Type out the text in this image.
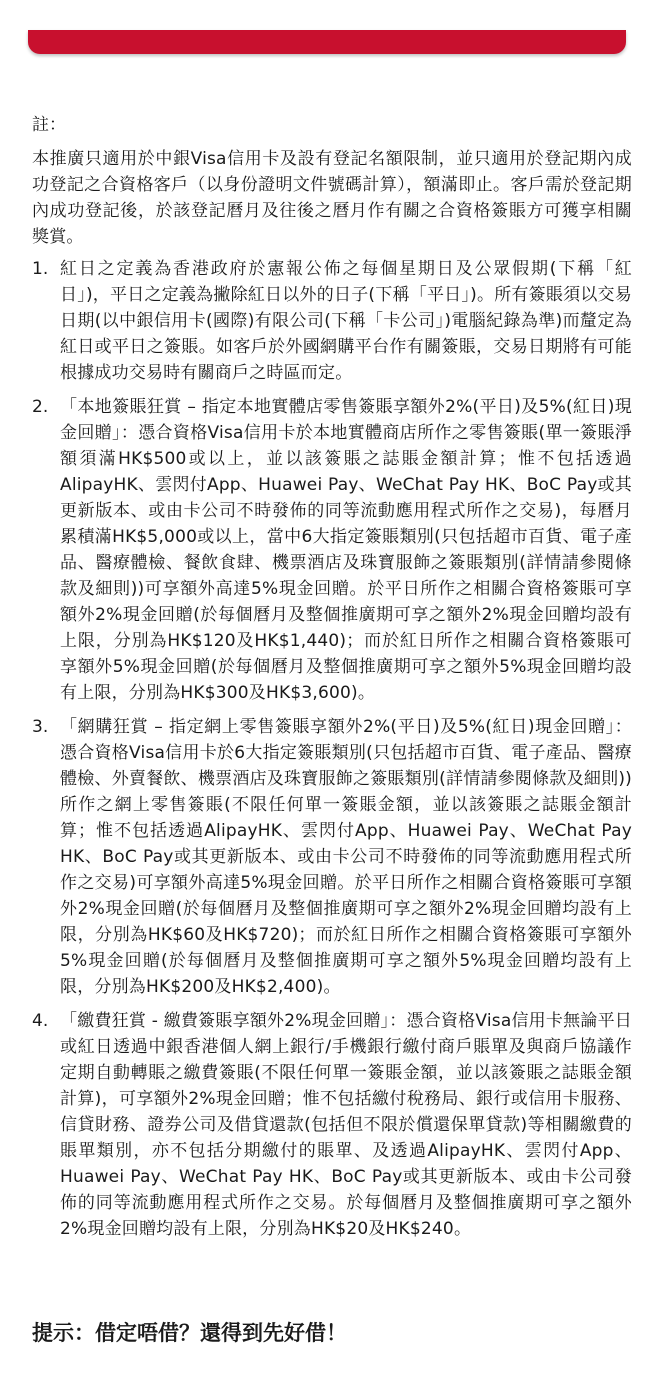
註：
本推廣只適用於中銀Visa信用卡及設有登記名額限制，並只適用於登記期內成功登記之合資格客戶（以身份證明文件號碼計算），額滿即止。客戶需於登記期內成功登記後，於該登記曆月及往後之曆月作有關之合資格簽賬方可獲享相關獎賞。
1. 紅日之定義為香港政府於憲報公佈之每個星期日及公眾假期(下稱「紅日」)，平日之定義為撇除紅日以外的日子(下稱「平日」)。所有簽賬須以交易日期(以中銀信用卡(國際)有限公司(下稱「卡公司」)電腦紀錄為準)而釐定為紅日或平日之簽賬。如客戶於外國網購平台作有關簽賬，交易日期將有可能根據成功交易時有關商戶之時區而定。
2. 「本地簽賬狂賞 – 指定本地實體店零售簽賬享額外2%(平日)及5%(紅日)現金回贈」：憑合資格Visa信用卡於本地實體商店所作之零售簽賬(單一簽賬淨額須滿HK$500或以上，並以該簽賬之誌賬金額計算；惟不包括透過AlipayHK、雲閃付App、Huawei Pay、WeChat Pay HK、BoC Pay或其更新版本、或由卡公司不時發佈的同等流動應用程式所作之交易)，每曆月累積滿HK$5,000或以上，當中6大指定簽賬類別(只包括超市百貨、電子產品、醫療體檢、餐飲食肆、機票酒店及珠寶服飾之簽賬類別(詳情請參閱條款及細則))可享額外高達5%現金回贈。於平日所作之相關合資格簽賬可享額外2%現金回贈(於每個曆月及整個推廣期可享之額外2%現金回贈均設有上限，分別為HK$120及HK$1,440)；而於紅日所作之相關合資格簽賬可享額外5%現金回贈(於每個曆月及整個推廣期可享之額外5%現金回贈均設有上限，分別為HK$300及HK$3,600)。
3. 「網購狂賞 – 指定網上零售簽賬享額外2%(平日)及5%(紅日)現金回贈」：憑合資格Visa信用卡於6大指定簽賬類別(只包括超市百貨、電子產品、醫療體檢、外賣餐飲、機票酒店及珠寶服飾之簽賬類別(詳情請參閱條款及細則))所作之網上零售簽賬(不限任何單一簽賬金額，並以該簽賬之誌賬金額計算；惟不包括透過AlipayHK、雲閃付App、Huawei Pay、WeChat Pay HK、BoC Pay或其更新版本、或由卡公司不時發佈的同等流動應用程式所作之交易)可享額外高達5%現金回贈。於平日所作之相關合資格簽賬可享額外2%現金回贈(於每個曆月及整個推廣期可享之額外2%現金回贈均設有上限，分別為HK$60及HK$720)；而於紅日所作之相關合資格簽賬可享額外5%現金回贈(於每個曆月及整個推廣期可享之額外5%現金回贈均設有上限，分別為HK$200及HK$2,400)。
4. 「繳費狂賞 - 繳費簽賬享額外2%現金回贈」：憑合資格Visa信用卡無論平日或紅日透過中銀香港個人網上銀行/手機銀行繳付商戶賬單及與商戶協議作定期自動轉賬之繳費簽賬(不限任何單一簽賬金額，並以該簽賬之誌賬金額計算)，可享額外2%現金回贈；惟不包括繳付稅務局、銀行或信用卡服務、信貸財務、證券公司及借貸還款(包括但不限於償還保單貸款)等相關繳費的賬單類別，亦不包括分期繳付的賬單、及透過AlipayHK、雲閃付App、Huawei Pay、WeChat Pay HK、BoC Pay或其更新版本、或由卡公司發佈的同等流動應用程式所作之交易。於每個曆月及整個推廣期可享之額外2%現金回贈均設有上限，分別為HK$20及HK$240。
提示：借定唔借？還得到先好借！
